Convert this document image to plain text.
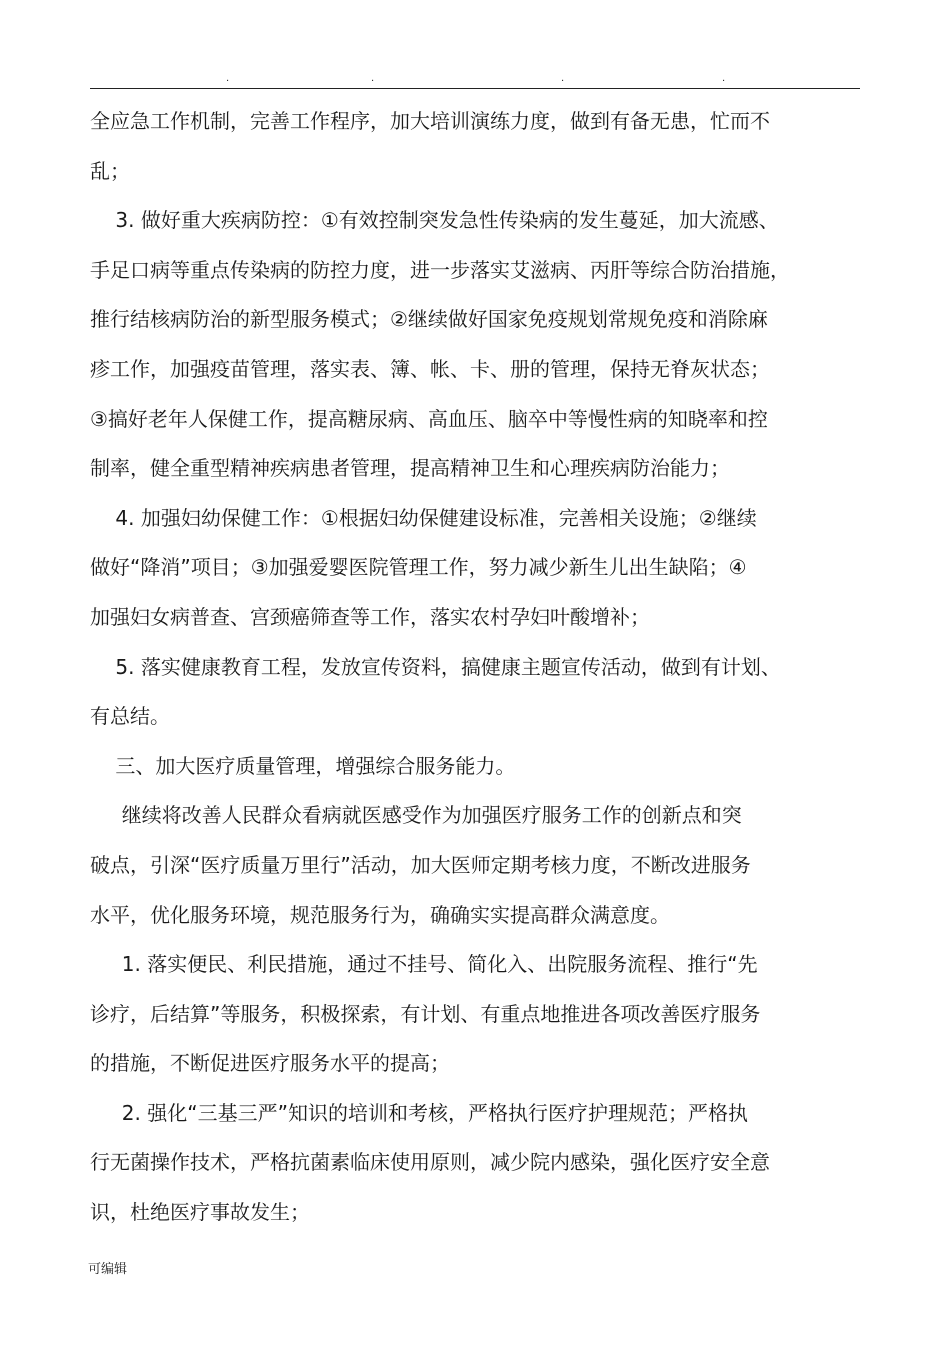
.	.	.	.
全应急工作机制，完善工作程序，加大培训演练力度，做到有备无患，忙而不
乱；
3. 做好重大疾病防控：①有效控制突发急性传染病的发生蔓延，加大流感、
手足口病等重点传染病的防控力度，进一步落实艾滋病、丙肝等综合防治措施，
推行结核病防治的新型服务模式；②继续做好国家免疫规划常规免疫和消除麻
疹工作，加强疫苗管理，落实表、簿、帐、卡、册的管理，保持无脊灰状态；
③搞好老年人保健工作，提高糖尿病、高血压、脑卒中等慢性病的知晓率和控
制率，健全重型精神疾病患者管理，提高精神卫生和心理疾病防治能力；
4. 加强妇幼保健工作：①根据妇幼保健建设标准，完善相关设施；②继续
做好“降消”项目；③加强爱婴医院管理工作，努力减少新生儿出生缺陷；④
加强妇女病普查、宫颈癌筛查等工作，落实农村孕妇叶酸增补；
5. 落实健康教育工程，发放宣传资料，搞健康主题宣传活动，做到有计划、
有总结。
三、加大医疗质量管理，增强综合服务能力。
继续将改善人民群众看病就医感受作为加强医疗服务工作的创新点和突
破点，引深“医疗质量万里行”活动，加大医师定期考核力度，不断改进服务
水平，优化服务环境，规范服务行为，确确实实提高群众满意度。
1. 落实便民、利民措施，通过不挂号、简化入、出院服务流程、推行“先
诊疗，后结算”等服务，积极探索，有计划、有重点地推进各项改善医疗服务
的措施，不断促进医疗服务水平的提高；
2. 强化“三基三严”知识的培训和考核，严格执行医疗护理规范；严格执
行无菌操作技术，严格抗菌素临床使用原则，减少院内感染，强化医疗安全意
识，杜绝医疗事故发生；
可编辑
